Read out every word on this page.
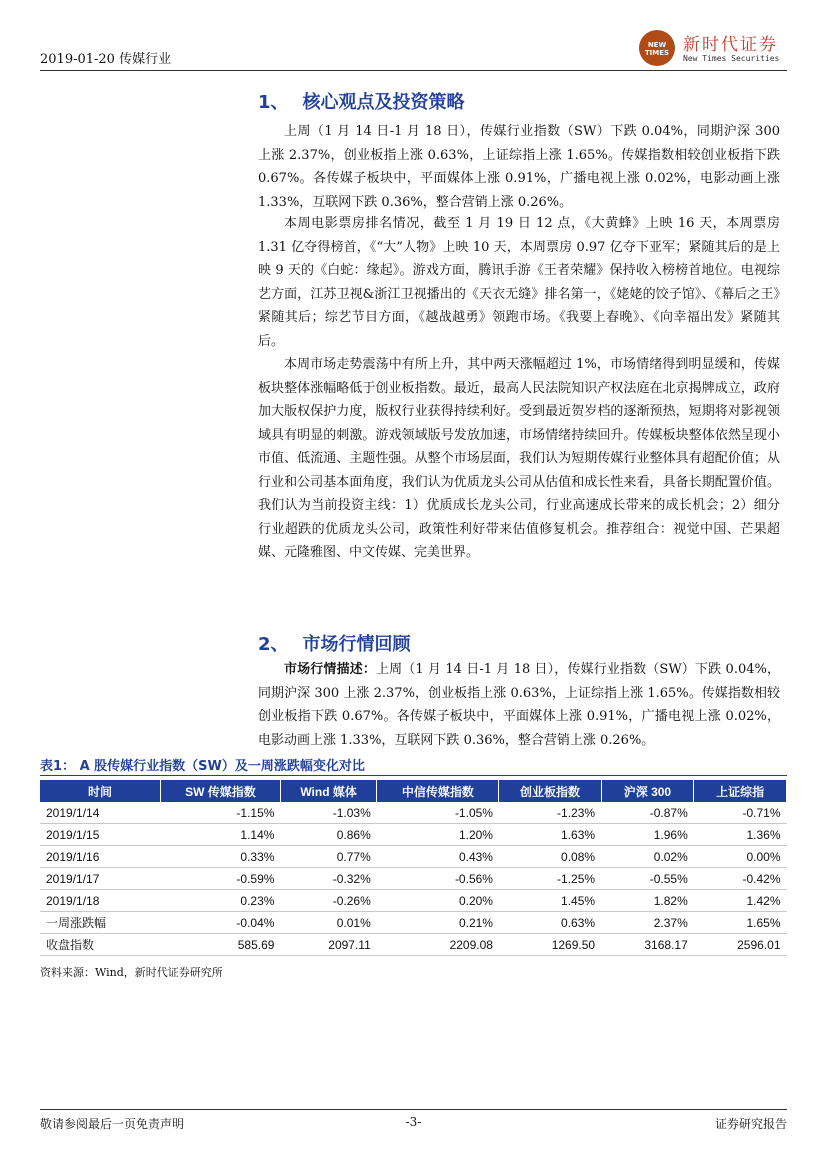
2019-01-20 传媒行业
NEW TIMES 新时代证券
New Times Securities
1、 核心观点及投资策略

上周（1 月 14 日-1 月 18 日），传媒行业指数（SW）下跌 0.04%，同期沪深 300 上涨 2.37%，创业板指上涨 0.63%，上证综指上涨 1.65%。传媒指数相较创业板指下跌 0.67%。各传媒子板块中，平面媒体上涨 0.91%，广播电视上涨 0.02%，电影动画上涨 1.33%，互联网下跌 0.36%，整合营销上涨 0.26%。

本周电影票房排名情况，截至 1 月 19 日 12 点，《大黄蜂》上映 16 天，本周票房 1.31 亿夺得榜首，《“大”人物》上映 10 天，本周票房 0.97 亿夺下亚军；紧随其后的是上映 9 天的《白蛇：缘起》。游戏方面，腾讯手游《王者荣耀》保持收入榜榜首地位。电视综艺方面，江苏卫视&浙江卫视播出的《天衣无缝》排名第一，《姥姥的饺子馆》、《幕后之王》紧随其后；综艺节目方面，《越战越勇》领跑市场。《我要上春晚》、《向幸福出发》紧随其后。

本周市场走势震荡中有所上升，其中两天涨幅超过 1%，市场情绪得到明显缓和，传媒板块整体涨幅略低于创业板指数。最近，最高人民法院知识产权法庭在北京揭牌成立，政府加大版权保护力度，版权行业获得持续利好。受到最近贺岁档的逐渐预热，短期将对影视领域具有明显的刺激。游戏领域版号发放加速，市场情绪持续回升。传媒板块整体依然呈现小市值、低流通、主题性强。从整个市场层面，我们认为短期传媒行业整体具有超配价值；从行业和公司基本面角度，我们认为优质龙头公司从估值和成长性来看，具备长期配置价值。我们认为当前投资主线：1）优质成长龙头公司，行业高速成长带来的成长机会；2）细分行业超跌的优质龙头公司，政策性利好带来估值修复机会。推荐组合：视觉中国、芒果超媒、元隆雅图、中文传媒、完美世界。

2、 市场行情回顾

市场行情描述：上周（1 月 14 日-1 月 18 日），传媒行业指数（SW）下跌 0.04%，同期沪深 300 上涨 2.37%，创业板指上涨 0.63%，上证综指上涨 1.65%。传媒指数相较创业板指下跌 0.67%。各传媒子板块中，平面媒体上涨 0.91%，广播电视上涨 0.02%，电影动画上涨 1.33%，互联网下跌 0.36%，整合营销上涨 0.26%。

表1： A 股传媒行业指数（SW）及一周涨跌幅变化对比
时间	SW 传媒指数	Wind 媒体	中信传媒指数	创业板指数	沪深 300	上证综指
2019/1/14	-1.15%	-1.03%	-1.05%	-1.23%	-0.87%	-0.71%
2019/1/15	1.14%	0.86%	1.20%	1.63%	1.96%	1.36%
2019/1/16	0.33%	0.77%	0.43%	0.08%	0.02%	0.00%
2019/1/17	-0.59%	-0.32%	-0.56%	-1.25%	-0.55%	-0.42%
2019/1/18	0.23%	-0.26%	0.20%	1.45%	1.82%	1.42%
一周涨跌幅	-0.04%	0.01%	0.21%	0.63%	2.37%	1.65%
收盘指数	585.69	2097.11	2209.08	1269.50	3168.17	2596.01
资料来源：Wind，新时代证券研究所
敬请参阅最后一页免责声明	-3-	证券研究报告
